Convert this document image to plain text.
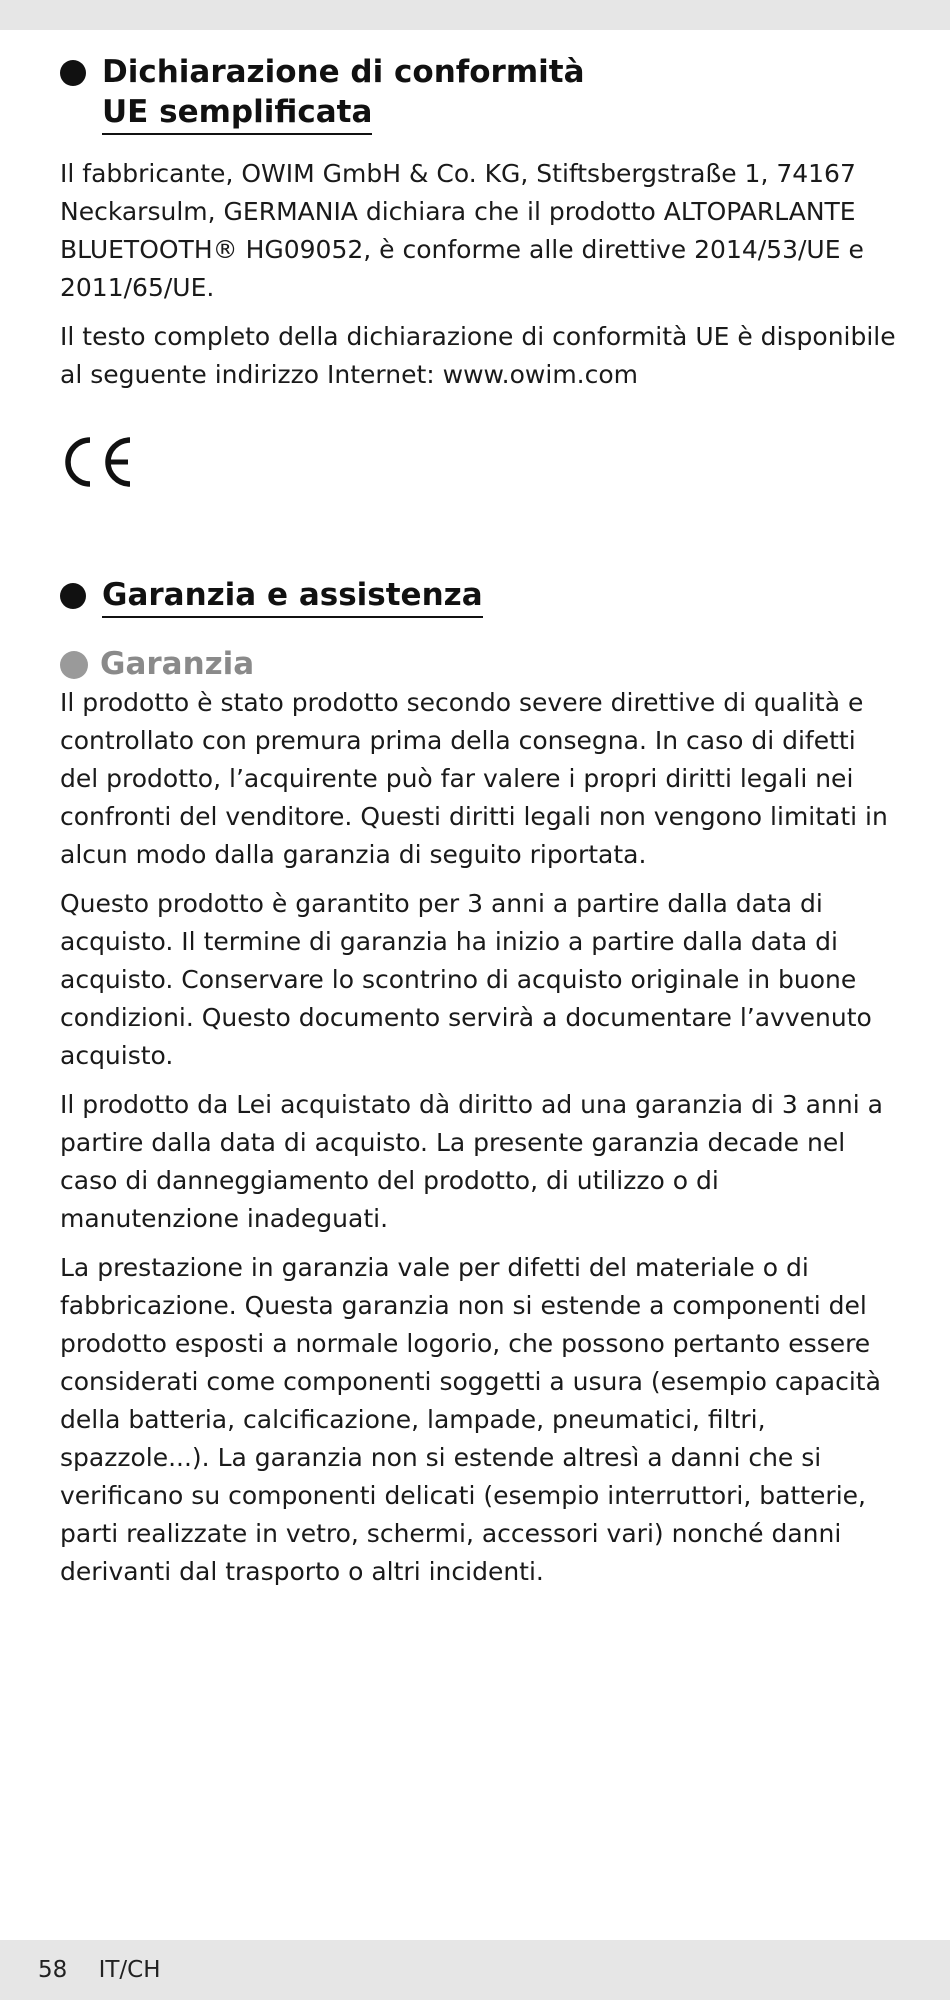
Dichiarazione di conformità
UE semplificata

Il fabbricante, OWIM GmbH & Co. KG, Stiftsbergstraße 1, 74167 Neckarsulm, GERMANIA dichiara che il prodotto ALTOPARLANTE BLUETOOTH® HG09052, è conforme alle direttive 2014/53/UE e 2011/65/UE.

Il testo completo della dichiarazione di conformità UE è disponibile al seguente indirizzo Internet: www.owim.com

Garanzia e assistenza
Garanzia

Il prodotto è stato prodotto secondo severe direttive di qualità e controllato con premura prima della consegna. In caso di difetti del prodotto, l’acquirente può far valere i propri diritti legali nei confronti del venditore. Questi diritti legali non vengono limitati in alcun modo dalla garanzia di seguito riportata.

Questo prodotto è garantito per 3 anni a partire dalla data di acquisto. Il termine di garanzia ha inizio a partire dalla data di acquisto. Conservare lo scontrino di acquisto originale in buone condizioni. Questo documento servirà a documentare l’avvenuto acquisto.

Il prodotto da Lei acquistato dà diritto ad una garanzia di 3 anni a partire dalla data di acquisto. La presente garanzia decade nel caso di danneggiamento del prodotto, di utilizzo o di manutenzione inadeguati.

La prestazione in garanzia vale per difetti del materiale o di fabbricazione. Questa garanzia non si estende a componenti del prodotto esposti a normale logorio, che possono pertanto essere considerati come componenti soggetti a usura (esempio capacità della batteria, calcificazione, lampade, pneumatici, filtri, spazzole...). La garanzia non si estende altresì a danni che si verificano su componenti delicati (esempio interruttori, batterie, parti realizzate in vetro, schermi, accessori vari) nonché danni derivanti dal trasporto o altri incidenti.

58 IT/CH
